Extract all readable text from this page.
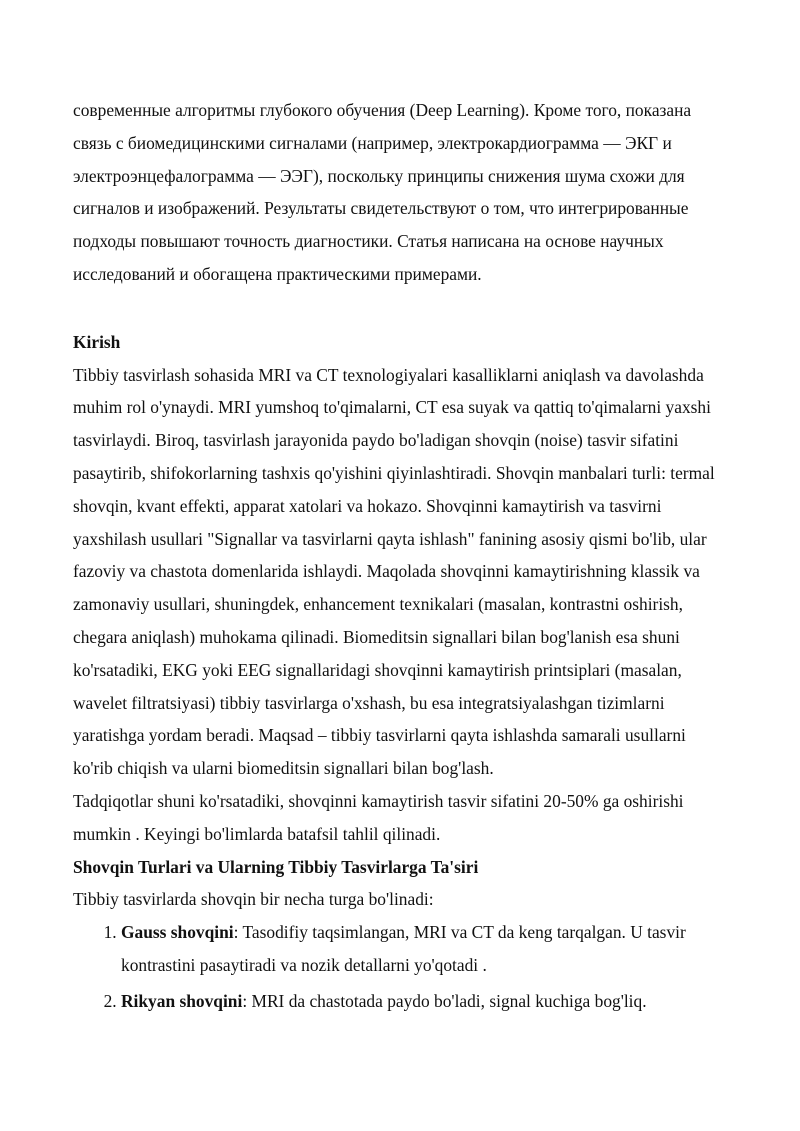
современные алгоритмы глубокого обучения (Deep Learning). Кроме того, показана связь с биомедицинскими сигналами (например, электрокардиограмма — ЭКГ и электроэнцефалограмма — ЭЭГ), поскольку принципы снижения шума схожи для сигналов и изображений. Результаты свидетельствуют о том, что интегрированные подходы повышают точность диагностики. Статья написана на основе научных исследований и обогащена практическими примерами.

Kirish

Tibbiy tasvirlash sohasida MRI va CT texnologiyalari kasalliklarni aniqlash va davolashda muhim rol o'ynaydi. MRI yumshoq to'qimalarni, CT esa suyak va qattiq to'qimalarni yaxshi tasvirlaydi. Biroq, tasvirlash jarayonida paydo bo'ladigan shovqin (noise) tasvir sifatini pasaytirib, shifokorlarning tashxis qo'yishini qiyinlashtiradi. Shovqin manbalari turli: termal shovqin, kvant effekti, apparat xatolari va hokazo. Shovqinni kamaytirish va tasvirni yaxshilash usullari "Signallar va tasvirlarni qayta ishlash" fanining asosiy qismi bo'lib, ular fazoviy va chastota domenlarida ishlaydi. Maqolada shovqinni kamaytirishning klassik va zamonaviy usullari, shuningdek, enhancement texnikalari (masalan, kontrastni oshirish, chegara aniqlash) muhokama qilinadi. Biomeditsin signallari bilan bog'lanish esa shuni ko'rsatadiki, EKG yoki EEG signallaridagi shovqinni kamaytirish printsiplari (masalan, wavelet filtratsiyasi) tibbiy tasvirlarga o'xshash, bu esa integratsiyalashgan tizimlarni yaratishga yordam beradi. Maqsad – tibbiy tasvirlarni qayta ishlashda samarali usullarni ko'rib chiqish va ularni biomeditsin signallari bilan bog'lash.

Tadqiqotlar shuni ko'rsatadiki, shovqinni kamaytirish tasvir sifatini 20-50% ga oshirishi mumkin . Keyingi bo'limlarda batafsil tahlil qilinadi.

Shovqin Turlari va Ularning Tibbiy Tasvirlarga Ta'siri

Tibbiy tasvirlarda shovqin bir necha turga bo'linadi:

1. Gauss shovqini: Tasodifiy taqsimlangan, MRI va CT da keng tarqalgan. U tasvir kontrastini pasaytiradi va nozik detallarni yo'qotadi .
2. Rikyan shovqini: MRI da chastotada paydo bo'ladi, signal kuchiga bog'liq.
